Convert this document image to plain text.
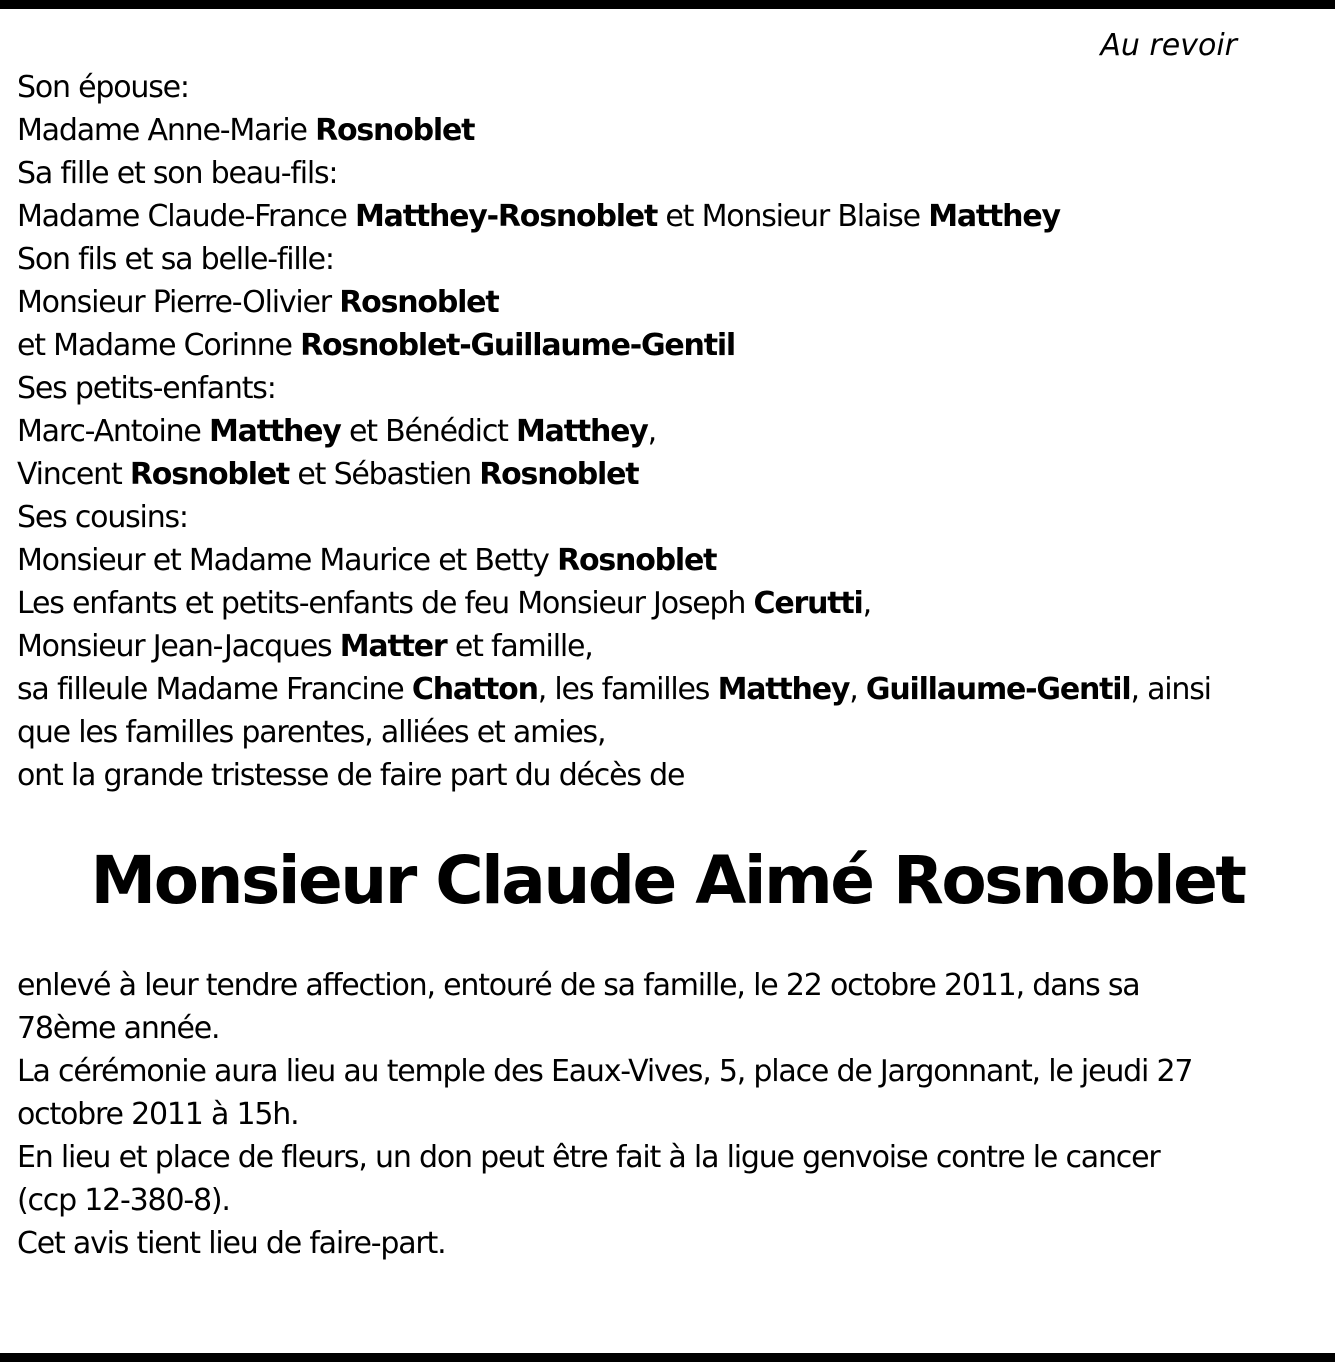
Au revoir

Son épouse:
Madame Anne-Marie Rosnoblet
Sa fille et son beau-fils:
Madame Claude-France Matthey-Rosnoblet et Monsieur Blaise Matthey
Son fils et sa belle-fille:
Monsieur Pierre-Olivier Rosnoblet
et Madame Corinne Rosnoblet-Guillaume-Gentil
Ses petits-enfants:
Marc-Antoine Matthey et Bénédict Matthey,
Vincent Rosnoblet et Sébastien Rosnoblet
Ses cousins:
Monsieur et Madame Maurice et Betty Rosnoblet
Les enfants et petits-enfants de feu Monsieur Joseph Cerutti,
Monsieur Jean-Jacques Matter et famille,
sa filleule Madame Francine Chatton, les familles Matthey, Guillaume-Gentil, ainsi
que les familles parentes, alliées et amies,
ont la grande tristesse de faire part du décès de
Monsieur Claude Aimé Rosnoblet
enlevé à leur tendre affection, entouré de sa famille, le 22 octobre 2011, dans sa
78ème année.
La cérémonie aura lieu au temple des Eaux-Vives, 5, place de Jargonnant, le jeudi 27
octobre 2011 à 15h.
En lieu et place de fleurs, un don peut être fait à la ligue genvoise contre le cancer
(ccp 12-380-8).
Cet avis tient lieu de faire-part.
